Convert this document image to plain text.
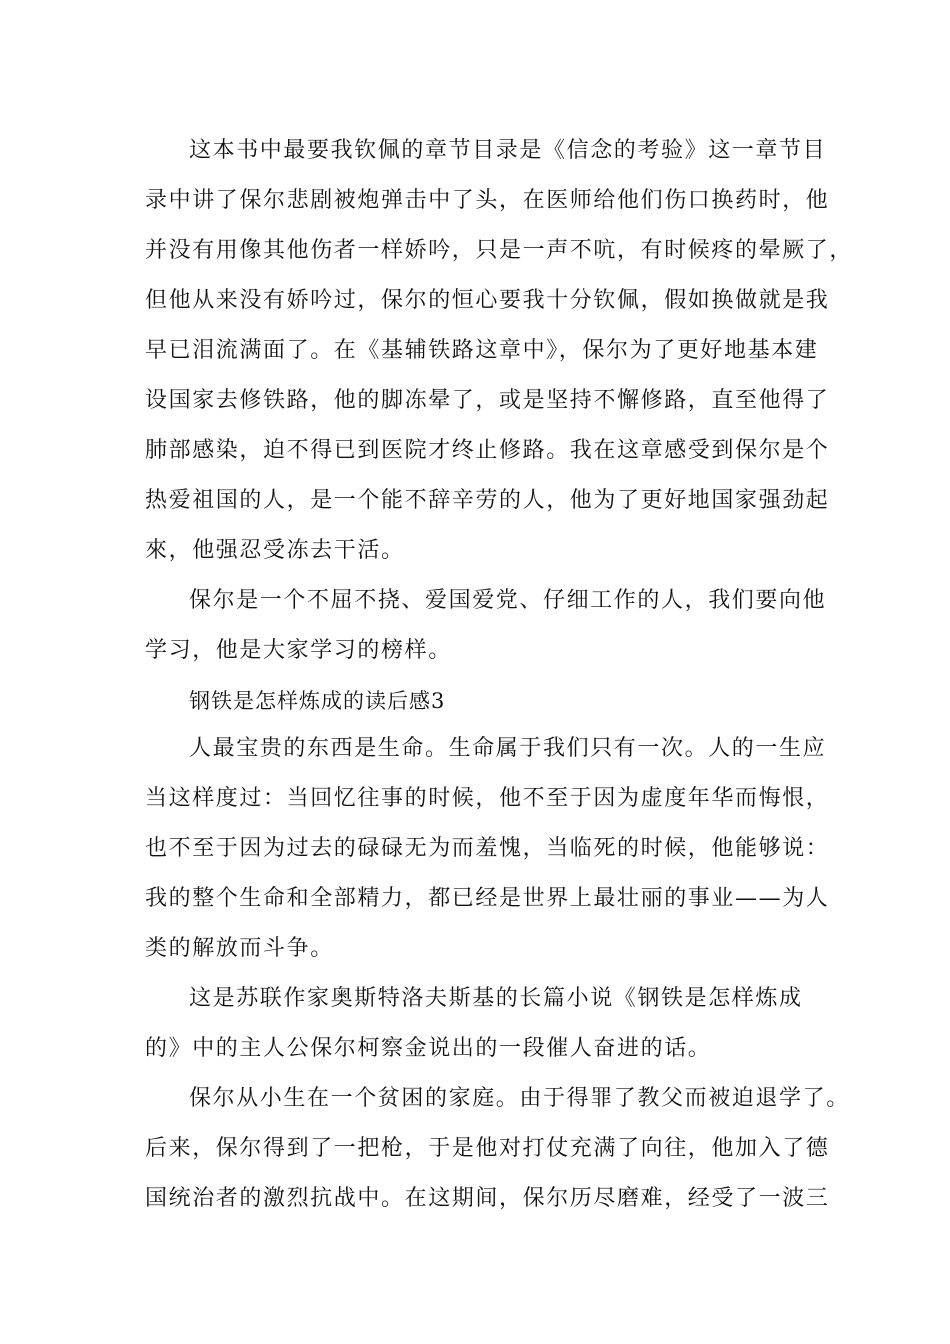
这本书中最要我钦佩的章节目录是《信念的考验》这一章节目
录中讲了保尔悲剧被炮弹击中了头，在医师给他们伤口换药时，他
并没有用像其他伤者一样娇吟，只是一声不吭，有时候疼的晕厥了，
但他从来没有娇吟过，保尔的恒心要我十分钦佩，假如换做就是我
早已泪流满面了。在《基辅铁路这章中》，保尔为了更好地基本建
设国家去修铁路，他的脚冻晕了，或是坚持不懈修路，直至他得了
肺部感染，迫不得已到医院才终止修路。我在这章感受到保尔是个
热爱祖国的人，是一个能不辞辛劳的人，他为了更好地国家强劲起
來，他强忍受冻去干活。
保尔是一个不屈不挠、爱国爱党、仔细工作的人，我们要向他
学习，他是大家学习的榜样。
钢铁是怎样炼成的读后感3
人最宝贵的东西是生命。生命属于我们只有一次。人的一生应
当这样度过：当回忆往事的时候，他不至于因为虚度年华而悔恨，
也不至于因为过去的碌碌无为而羞愧，当临死的时候，他能够说：
我的整个生命和全部精力，都已经是世界上最壮丽的事业——为人
类的解放而斗争。
这是苏联作家奥斯特洛夫斯基的长篇小说《钢铁是怎样炼成
的》中的主人公保尔柯察金说出的一段催人奋进的话。
保尔从小生在一个贫困的家庭。由于得罪了教父而被迫退学了。
后来，保尔得到了一把枪，于是他对打仗充满了向往，他加入了德
国统治者的激烈抗战中。在这期间，保尔历尽磨难，经受了一波三
